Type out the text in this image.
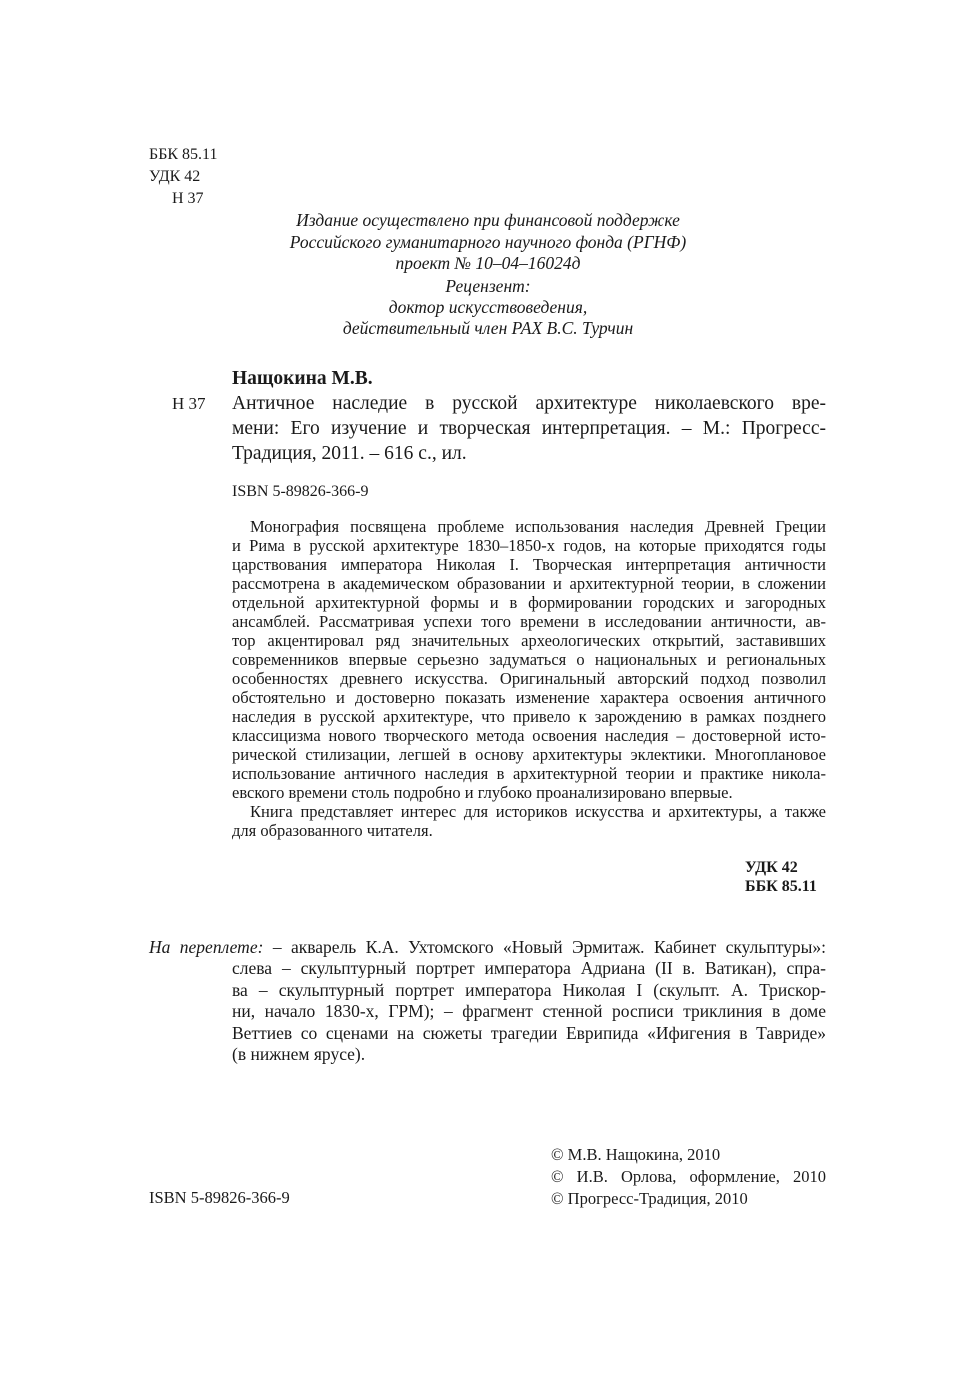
ББК 85.11
УДК 42
Н 37
Издание осуществлено при финансовой поддержке
Российского гуманитарного научного фонда (РГНФ)
проект № 10–04–16024д
Рецензент:
доктор искусствоведения,
действительный член РАХ В.С. Турчин
Нащокина М.В.
Н 37 Античное наследие в русской архитектуре николаевского вре-
мени: Его изучение и творческая интерпретация. – М.: Прогресс-
Традиция, 2011. – 616 с., ил.
ISBN 5-89826-366-9
Монография посвящена проблеме использования наследия Древней Греции
и Рима в русской архитектуре 1830–1850-х годов, на которые приходятся годы
царствования императора Николая I. Творческая интерпретация античности
рассмотрена в академическом образовании и архитектурной теории, в сложении
отдельной архитектурной формы и в формировании городских и загородных
ансамблей. Рассматривая успехи того времени в исследовании античности, ав-
тор акцентировал ряд значительных археологических открытий, заставивших
современников впервые серьезно задуматься о национальных и региональных
особенностях древнего искусства. Оригинальный авторский подход позволил
обстоятельно и достоверно показать изменение характера освоения античного
наследия в русской архитектуре, что привело к зарождению в рамках позднего
классицизма нового творческого метода освоения наследия – достоверной исто-
рической стилизации, легшей в основу архитектуры эклектики. Многоплановое
использование античного наследия в архитектурной теории и практике никола-
евского времени столь подробно и глубоко проанализировано впервые.
Книга представляет интерес для историков искусства и архитектуры, а также
для образованного читателя.
УДК 42
ББК 85.11
На переплете: – акварель К.А. Ухтомского «Новый Эрмитаж. Кабинет скульптуры»:
слева – скульптурный портрет императора Адриана (II в. Ватикан), спра-
ва – скульптурный портрет императора Николая I (скульпт. А. Трискор-
ни, начало 1830-х, ГРМ); – фрагмент стенной росписи триклиния в доме
Веттиев со сценами на сюжеты трагедии Еврипида «Ифигения в Тавриде»
(в нижнем ярусе).
ISBN 5-89826-366-9
© М.В. Нащокина, 2010
© И.В. Орлова, оформление, 2010
© Прогресс-Традиция, 2010
